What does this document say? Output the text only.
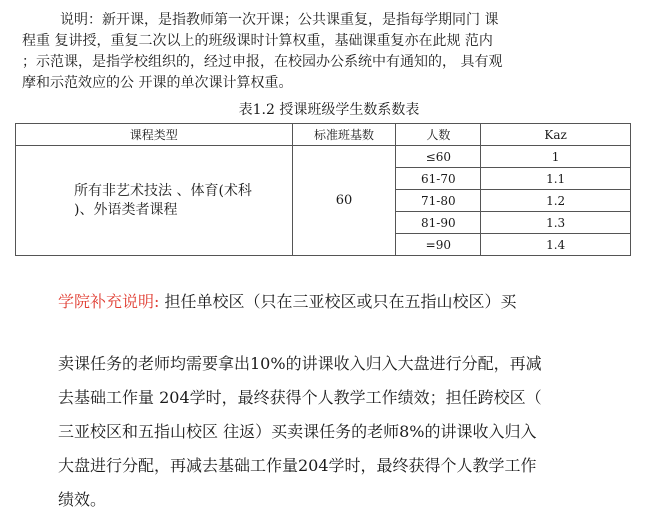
说明：新开课，是指教师第一次开课；公共课重复，是指每学期同门 课
程重 复讲授，重复二次以上的班级课时计算权重，基础课重复亦在此规 范内
；示范课，是指学校组织的，经过申报，在校园办公系统中有通知的， 具有观
摩和示范效应的公 开课的单次课计算权重。
表1.2 授课班级学生数系数表
课程类型	标准班基数	人数	Kaz

所有非艺术技法 、体育(术科
)、外语类者课程	60	≤60	1
		61-70	1.1
		71-80	1.2
		81-90	1.3
		=90	1.4
学院补充说明: 担任单校区（只在三亚校区或只在五指山校区）买
卖课任务的老师均需要拿出10%的讲课收入归入大盘进行分配，再减
去基础工作量 204学时，最终获得个人教学工作绩效；担任跨校区（
三亚校区和五指山校区 往返）买卖课任务的老师8%的讲课收入归入
大盘进行分配，再减去基础工作量204学时，最终获得个人教学工作
绩效。
